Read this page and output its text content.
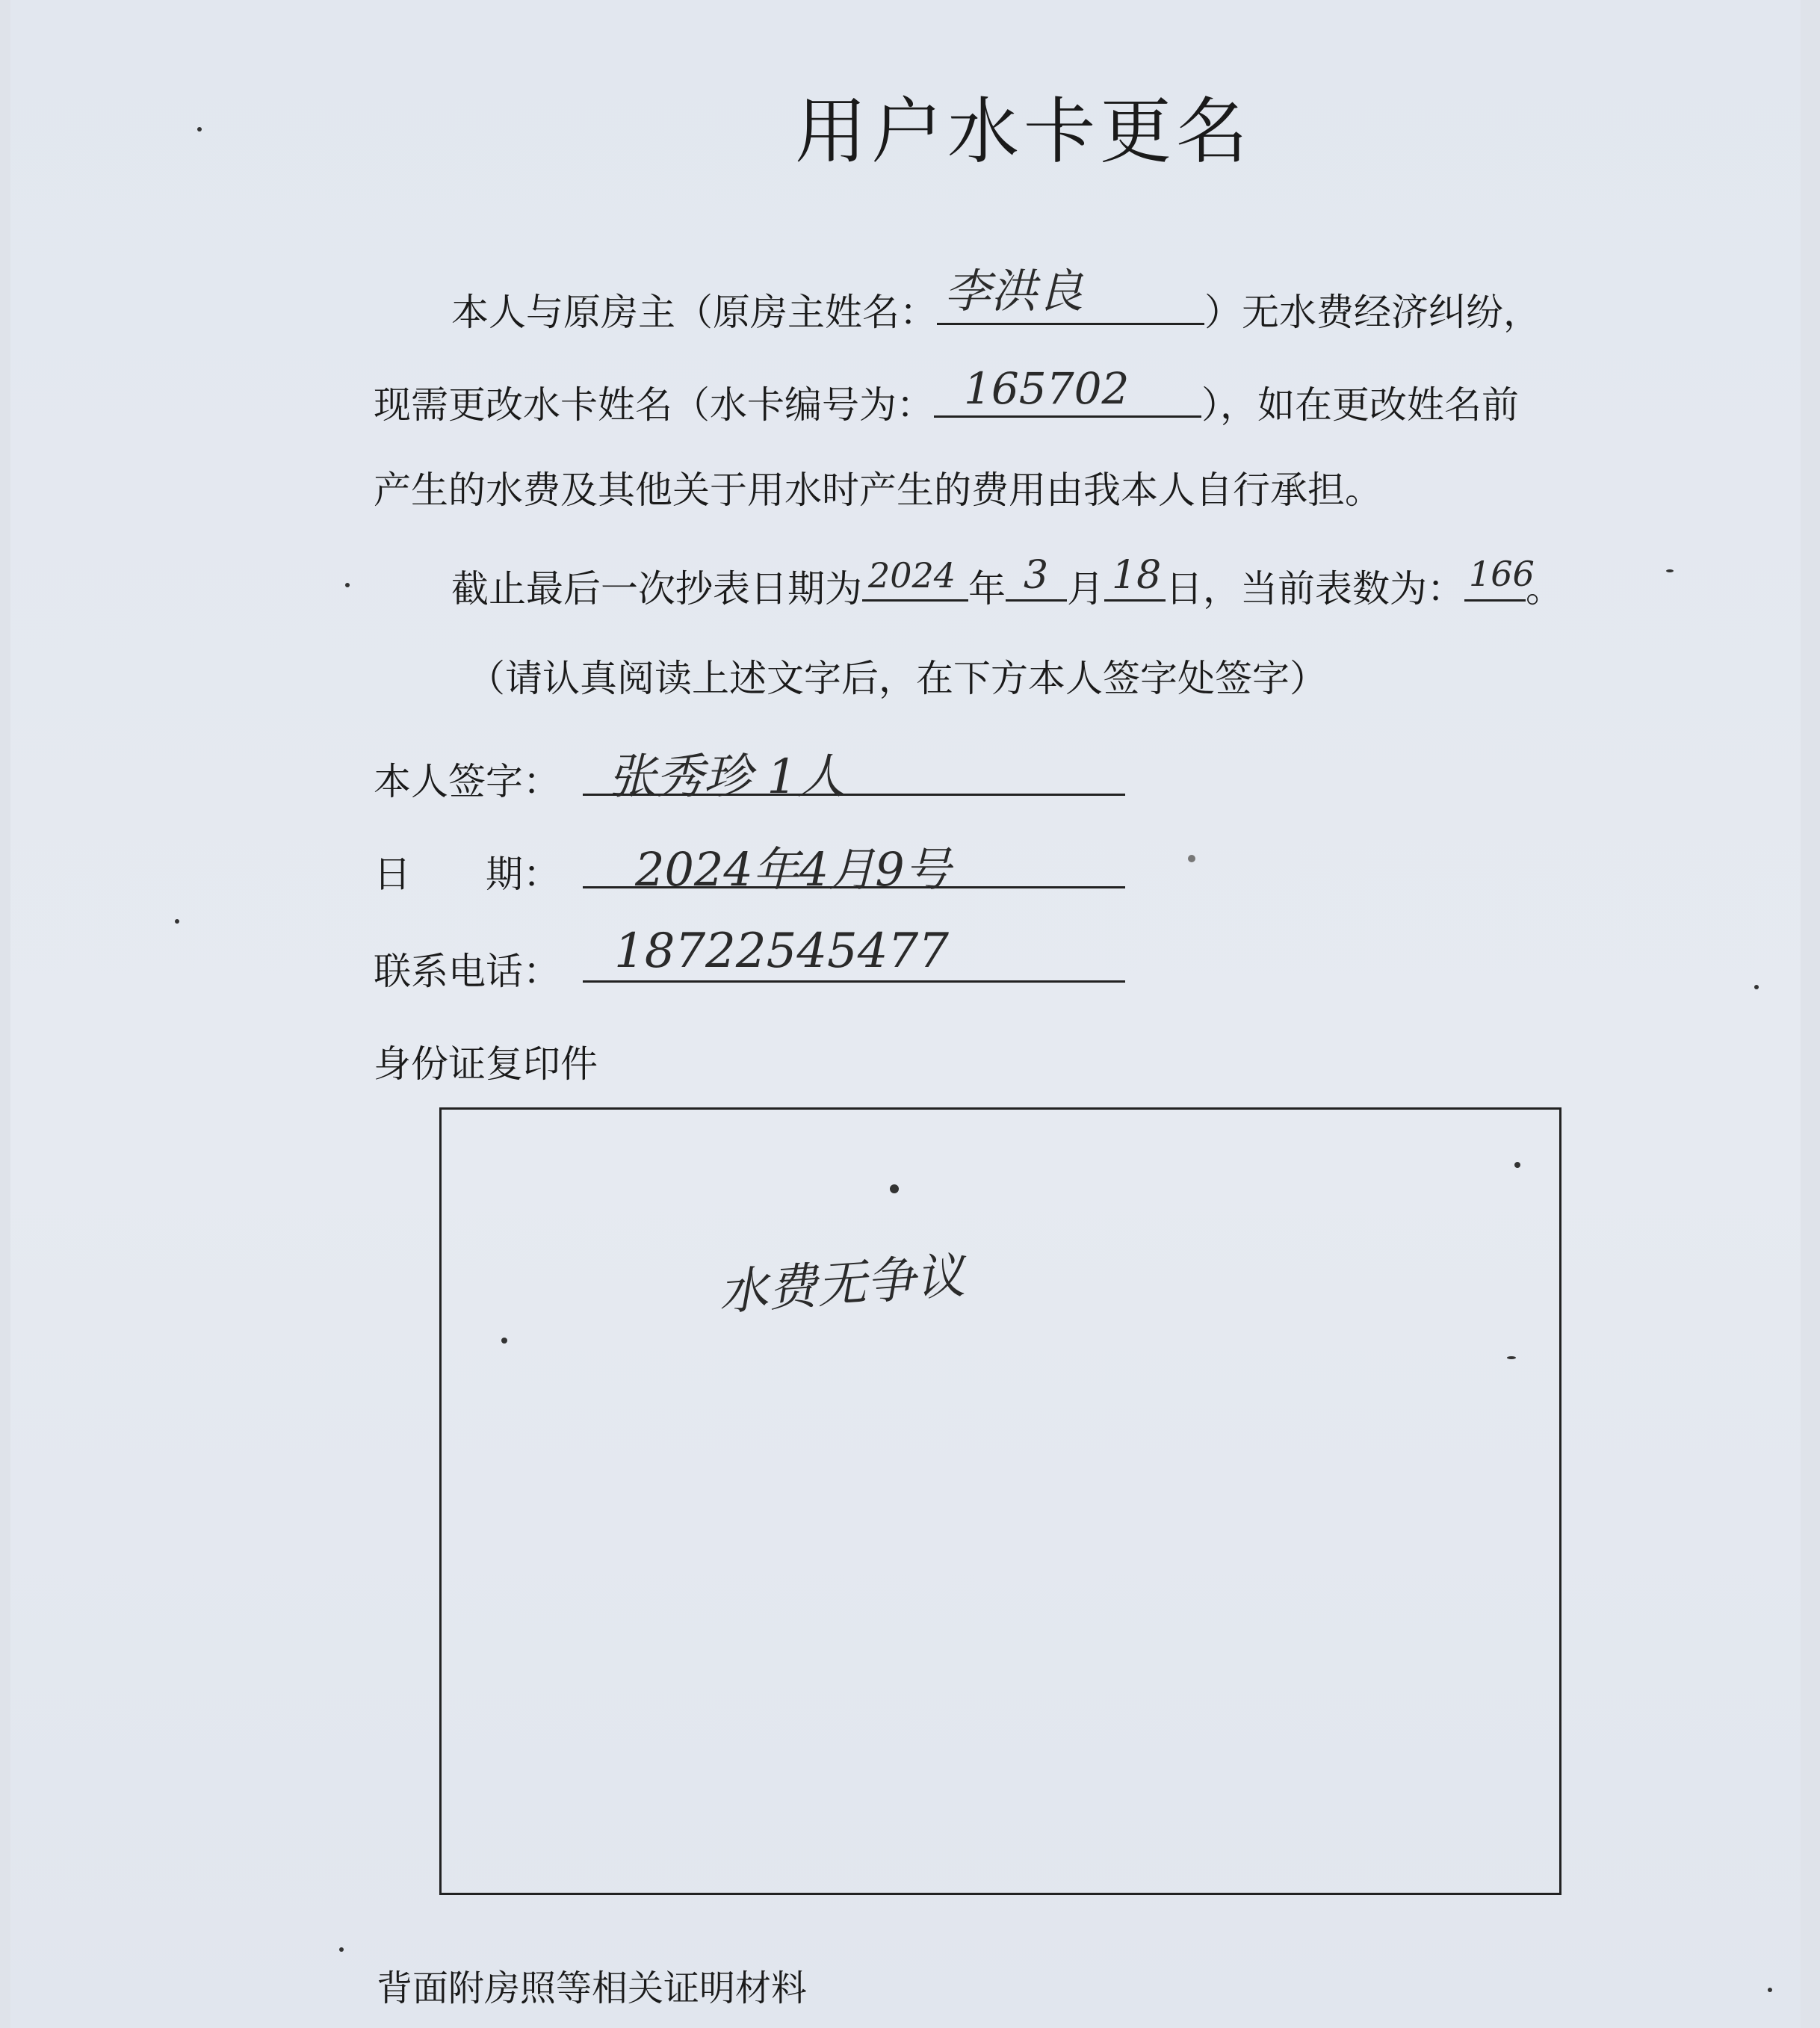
用户水卡更名
本人与原房主（原房主姓名： 李洪良	）无水费经济纠纷，
现需更改水卡姓名（水卡编号为： 165702 ），如在更改姓名前
产生的水费及其他关于用水时产生的费用由我本人自行承担。
截止最后一次抄表日期为 2024 年 3 月 18 日，当前表数为： 166
。
（请认真阅读上述文字后，在下方本人签字处签字）
本人签字： 张秀珍 1人
日　　期： 2024年4月9号
联系电话： 18722545477
身份证复印件
水费无争议
背面附房照等相关证明材料
